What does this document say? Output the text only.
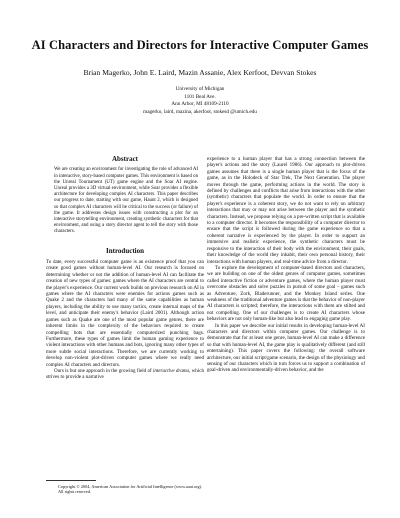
AI Characters and Directors for Interactive Computer Games
Brian Magerko, John E. Laird, Mazin Assanie, Alex Kerfoot, Devvan Stokes
University of Michigan
1101 Beal Ave.
Ann Arbor, MI 48109-2110
magerko, laird, mazina, akerfoot, stokesd @umich.edu
Abstract
We are creating an environment for investigating the role of advanced AI in interactive, story-based computer games. This environment is based on the Unreal Tournament (UT) game engine and the Soar AI engine. Unreal provides a 3D virtual environment, while Soar provides a flexible architecture for developing complex AI characters. This paper describes our progress to date, starting with our game, Haunt 2, which is designed so that complex AI characters will be critical to the success (or failure) of the game. It addresses design issues with constructing a plot for an interactive storytelling environment, creating synthetic characters for that environment, and using a story director agent to tell the story with those characters.
Introduction

To date, every successful computer game is an existence proof that you can create good games without human-level AI. Our research is focused on determining whether or not the addition of human-level AI can facilitate the creation of new types of games: games where the AI characters are central to the player's experience. Our current work builds on previous research on AI in games where the AI characters were enemies for actions games such as Quake 2 and the characters had many of the same capabilities as human players, including the ability to use many tactics, create internal maps of the level, and anticipate their enemy's behavior (Laird 2001). Although action games such as Quake are one of the most popular game genres, there are inherent limits in the complexity of the behaviors required to create compelling bots that are essentially computerized punching bags. Furthermore, these types of games limit the human gaming experience to violent interactions with other humans and bots, ignoring many other types of more subtle social interactions. Therefore, we are currently working to develop non-violent plot-driven computer games where we really need complex AI characters and directors.

Ours is but one approach in the growing field of interactive drama, which strives to provide a narrative

experience to a human player that has a strong connection between the player's actions and the story (Laurel 1986). Our approach to plot-driven games assumes that there is a single human player that is the focus of the game, as in the Holodeck of Star Trek, The Next Generation. The player moves through the game, performing actions in the world. The story is defined by challenges and conflicts that arise from interactions with the other (synthetic) characters that populate the world. In order to ensure that the player's experience is a coherent story, we do not want to rely on arbitrary interactions that may or may not arise between the player and the synthetic characters. Instead, we propose relying on a pre-written script that is available to a computer director. It becomes the responsibility of a computer director to ensure that the script is followed during the game experience so that a coherent narrative is experienced by the player. In order to support an immersive and realistic experience, the synthetic characters must be responsive to the interaction of their body with the environment, their goals, their knowledge of the world they inhabit, their own personal history, their interactions with human players, and real-time advice from a director.

To explore the development of computer-based directors and characters, we are building on one of the oldest genres of computer games, sometimes called interactive fiction or adventure games, where the human player must overcome obstacles and solve puzzles in pursuit of some goal – games such as Adventure, Zork, Bladerunner, and the Monkey Island series. One weakness of the traditional adventure games is that the behavior of non-player AI characters is scripted; therefore, the interactions with them are stilted and not compelling. One of our challenges is to create AI characters whose behaviors are not only human-like but also lead to engaging game play.

In this paper we describe our initial results in developing human-level AI characters and directors within computer games. Our challenge is to demonstrate that for at least one genre, human-level AI can make a difference so that with human-level AI, the game play is qualitatively different (and still entertaining). This paper covers the following: the overall software architecture, our initial script/game scenario, the design of the physiology and sensing of our characters which in turn forces us to support a combination of goal-driven and environmentally-driven behavior, and the

Copyright © 2004, American Association for Artificial Intelligence (www.aaai.org). All rights reserved.
